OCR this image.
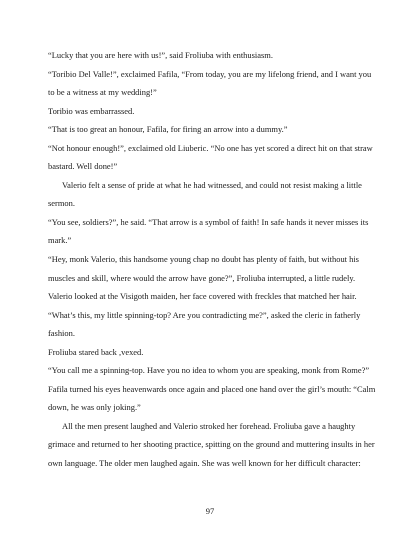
“Lucky that you are here with us!”, said Froliuba with enthusiasm.

“Toribio Del Valle!”, exclaimed Fafila, “From today, you are my lifelong friend, and I want you

to be a witness at my wedding!”

Toribio was embarrassed.

“That is too great an honour, Fafila, for firing an arrow into a dummy.”

“Not honour enough!”, exclaimed old Liuberic. “No one has yet scored a direct hit on that straw

bastard. Well done!”

Valerio felt a sense of pride at what he had witnessed, and could not resist making a little

sermon.

“You see, soldiers?”, he said. “That arrow is a symbol of faith! In safe hands it never misses its

mark.”

“Hey, monk Valerio, this handsome young chap no doubt has plenty of faith, but without his

muscles and skill, where would the arrow have gone?”, Froliuba interrupted, a little rudely.

Valerio looked at the Visigoth maiden, her face covered with freckles that matched her hair.

“What’s this, my little spinning-top? Are you contradicting me?”, asked the cleric in fatherly

fashion.

Froliuba stared back ,vexed.

“You call me a spinning-top. Have you no idea to whom you are speaking, monk from Rome?”

Fafila turned his eyes heavenwards once again and placed one hand over the girl’s mouth: “Calm

down, he was only joking.”

All the men present laughed and Valerio stroked her forehead. Froliuba gave a haughty

grimace and returned to her shooting practice, spitting on the ground and muttering insults in her

own language. The older men laughed again. She was well known for her difficult character:

97
